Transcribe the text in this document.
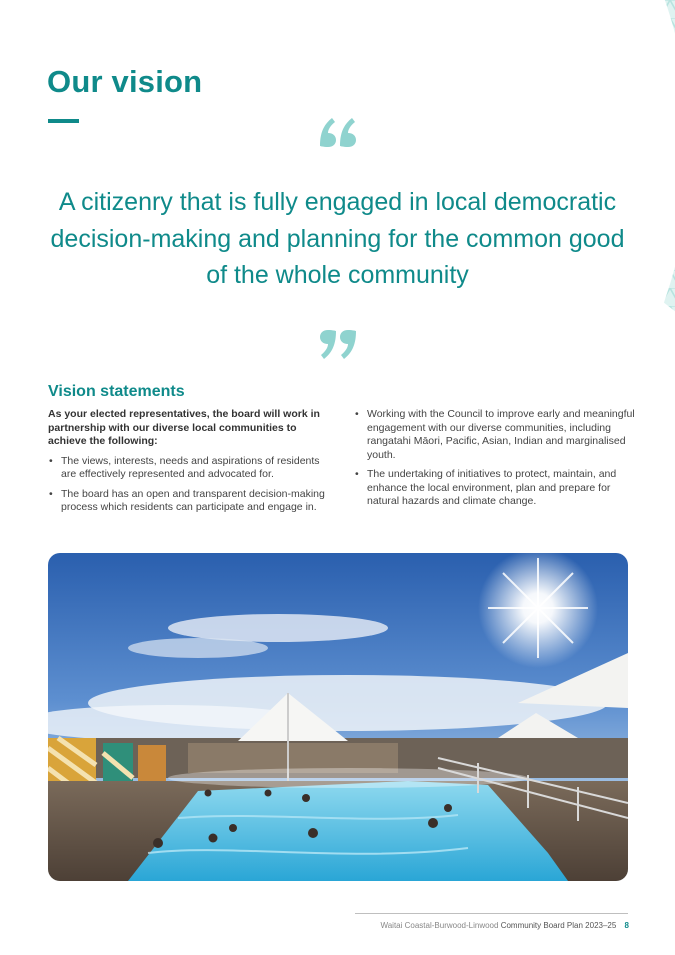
Our vision

A citizenry that is fully engaged in local democratic decision-making and planning for the common good of the whole community

Vision statements

As your elected representatives, the board will work in partnership with our diverse local communities to achieve the following:

• The views, interests, needs and aspirations of residents are effectively represented and advocated for.
• The board has an open and transparent decision-making process which residents can participate and engage in.
• Working with the Council to improve early and meaningful engagement with our diverse communities, including rangatahi Māori, Pacific, Asian, Indian and marginalised youth.
• The undertaking of initiatives to protect, maintain, and enhance the local environment, plan and prepare for natural hazards and climate change.
Waitai Coastal-Burwood-Linwood Community Board Plan 2023–25 8
